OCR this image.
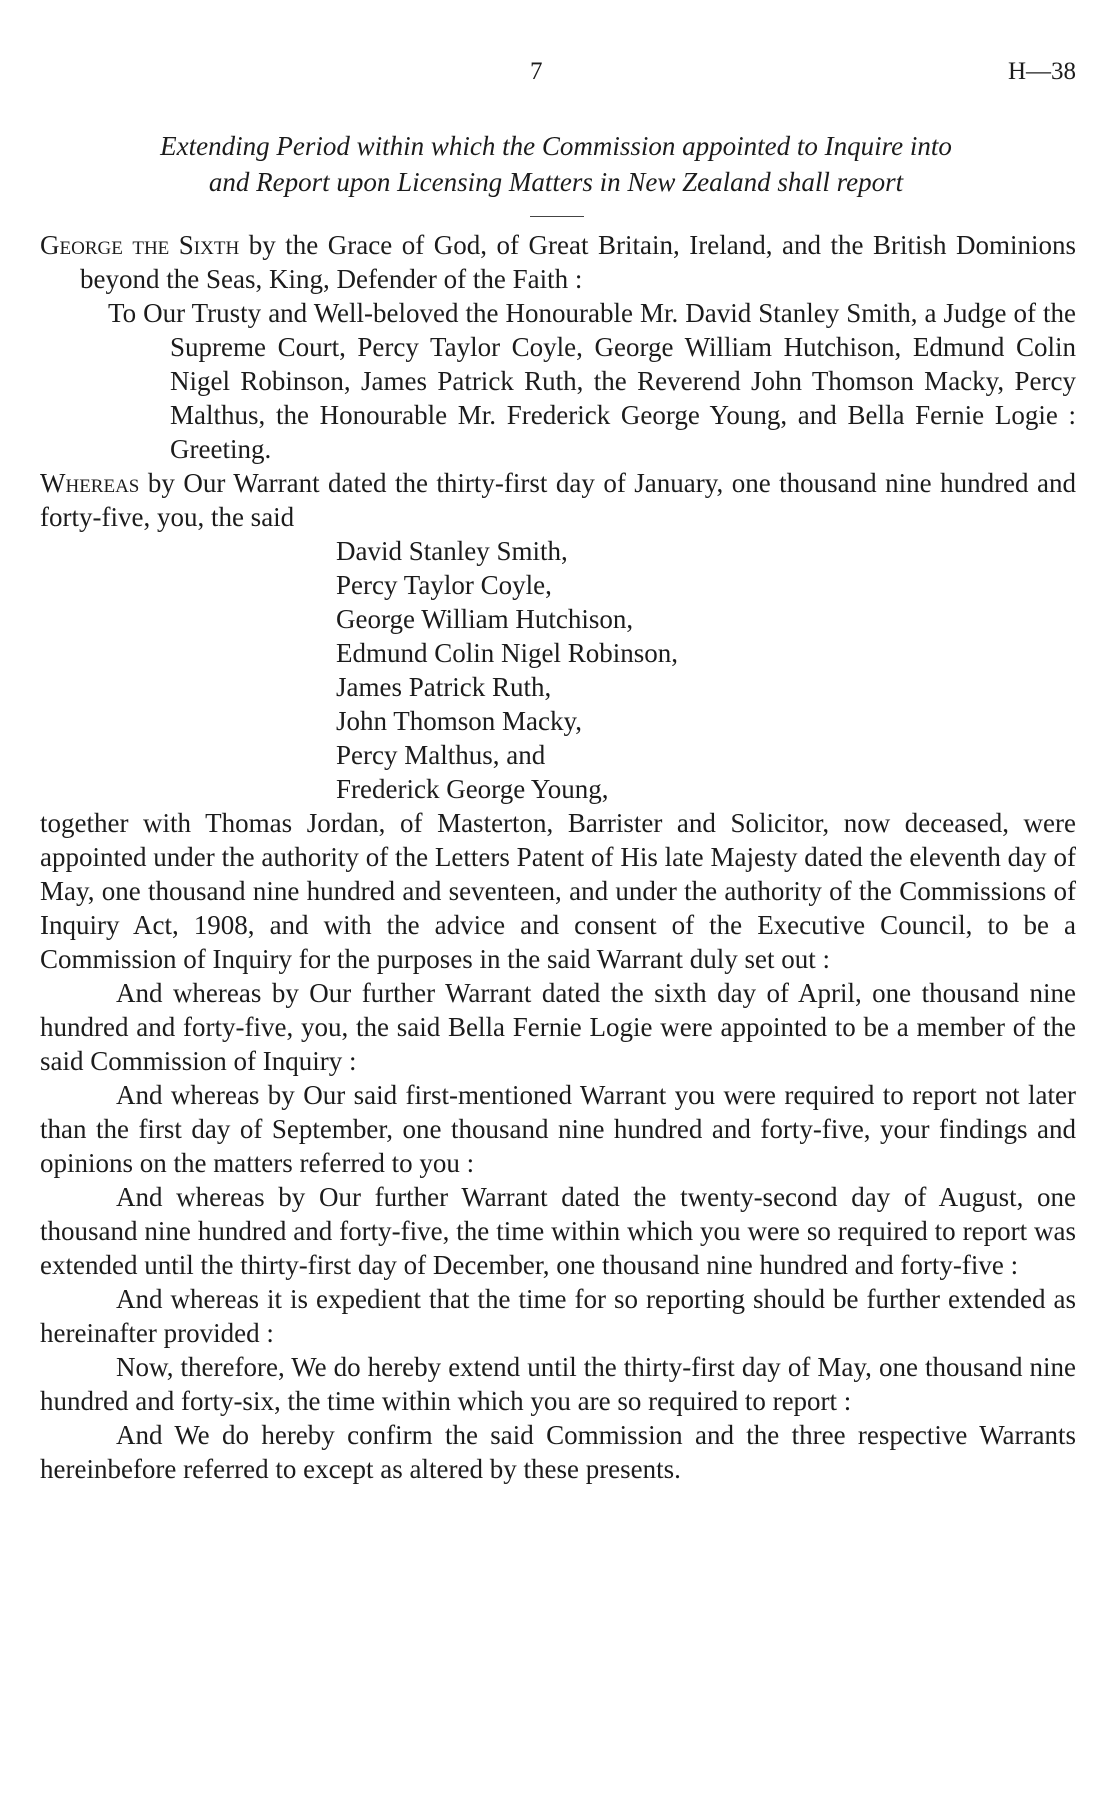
7	H—38
Extending Period within which the Commission appointed to Inquire into
and Report upon Licensing Matters in New Zealand shall report

George the Sixth by the Grace of God, of Great Britain, Ireland, and the British Dominions beyond the Seas, King, Defender of the Faith :

To Our Trusty and Well-beloved the Honourable Mr. David Stanley Smith, a Judge of the Supreme Court, Percy Taylor Coyle, George William Hutchison, Edmund Colin Nigel Robinson, James Patrick Ruth, the Reverend John Thomson Macky, Percy Malthus, the Honourable Mr. Frederick George Young, and Bella Fernie Logie : Greeting.

Whereas by Our Warrant dated the thirty-first day of January, one thousand nine hundred and forty-five, you, the said

David Stanley Smith,
Percy Taylor Coyle,
George William Hutchison,
Edmund Colin Nigel Robinson,
James Patrick Ruth,
John Thomson Macky,
Percy Malthus, and
Frederick George Young,

together with Thomas Jordan, of Masterton, Barrister and Solicitor, now deceased, were appointed under the authority of the Letters Patent of His late Majesty dated the eleventh day of May, one thousand nine hundred and seventeen, and under the authority of the Commissions of Inquiry Act, 1908, and with the advice and consent of the Executive Council, to be a Commission of Inquiry for the purposes in the said Warrant duly set out :

And whereas by Our further Warrant dated the sixth day of April, one thousand nine hundred and forty-five, you, the said Bella Fernie Logie were appointed to be a member of the said Commission of Inquiry :

And whereas by Our said first-mentioned Warrant you were required to report not later than the first day of September, one thousand nine hundred and forty-five, your findings and opinions on the matters referred to you :

And whereas by Our further Warrant dated the twenty-second day of August, one thousand nine hundred and forty-five, the time within which you were so required to report was extended until the thirty-first day of December, one thousand nine hundred and forty-five :

And whereas it is expedient that the time for so reporting should be further extended as hereinafter provided :

Now, therefore, We do hereby extend until the thirty-first day of May, one thousand nine hundred and forty-six, the time within which you are so required to report :

And We do hereby confirm the said Commission and the three respective Warrants hereinbefore referred to except as altered by these presents.
